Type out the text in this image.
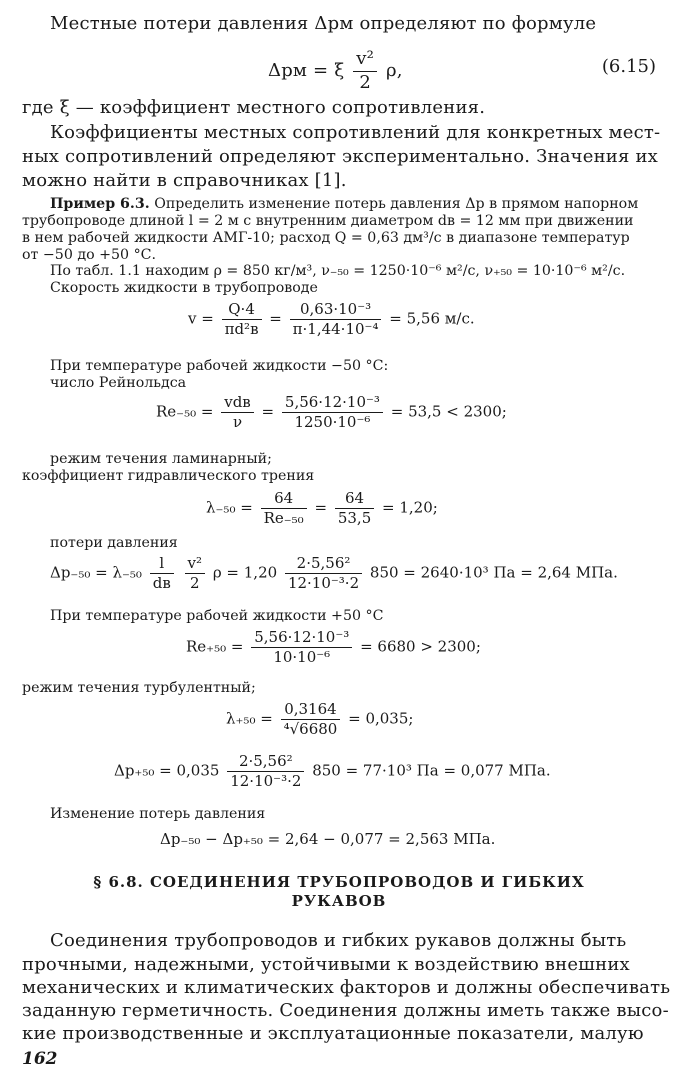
Местные потери давления Δpм определяют по формуле
Δpм = ξ $\frac{\text{v²}}{2} \rho$,	(6.15)
где ξ — коэффициент местного сопротивления.
Коэффициенты местных сопротивлений для конкретных мест-
ных сопротивлений определяют экспериментально. Значения их
можно найти в справочниках [1].
Пример 6.3. Определить изменение потерь давления Δp в прямом напорном
трубопроводе длиной l = 2 м с внутренним диаметром dв = 12 мм при движении
в нем рабочей жидкости АМГ-10; расход Q = 0,63 дм³/с в диапазоне температур
от −50 до +50 °С.
По табл. 1.1 находим ρ = 850 кг/м³, ν₋₅₀ = 1250·10⁻⁶ м²/с, ν₊₅₀ = 10·10⁻⁶ м²/с.
Скорость жидкости в трубопроводе
$v = \frac{Q\cdot 4}{\text{πd²в}} = \frac{\text{0,63·10⁻³}}{\text{π·1,44·10⁻⁴}} = 5,56$ м/с.
При температуре рабочей жидкости −50 °С:
число Рейнольдса
$Re_{-50} = \frac{\text{vdв}}{\nu} = \frac{\text{5,56·12·10⁻³}}{\text{1250·10⁻⁶}} = 53,5 < 2300$;
режим течения ламинарный;
коэффициент гидравлического трения
$\lambda_{-50} = \frac{64}{\text{Re₋₅₀}} = \frac{64}{53,5} = 1,20$;
потери давления
$\Delta p_{-50} = \lambda_{-50} \frac{l}{dв}$
$\frac{\text{v²}}{2}$ $\rho = 1,20 \frac{\text{2·5,56²}}{\text{12·10⁻³·2}} 850 = 2640\cdot 10^3$ Па = 2,64 МПа.
При температуре рабочей жидкости +50 °С
$Re_{+50} = \frac{\text{5,56·12·10⁻³}}{\text{10·10⁻⁶}} = 6680 > 2300$;
режим течения турбулентный;
$\lambda_{+50} = \frac{0,3164}{\text{⁴√6680}} = 0,035$;
$\Delta p_{+50} = 0,035 \frac{\text{2·5,56²}}{\text{12·10⁻³·2}} 850 = 77\cdot 10^3$ Па = 0,077 МПа.
Изменение потерь давления
Δp₋₅₀ − Δp₊₅₀ = 2,64 − 0,077 = 2,563 МПа.
§ 6.8. СОЕДИНЕНИЯ ТРУБОПРОВОДОВ И ГИБКИХ
РУКАВОВ
Соединения трубопроводов и гибких рукавов должны быть
прочными, надежными, устойчивыми к воздействию внешних
механических и климатических факторов и должны обеспечивать
заданную герметичность. Соединения должны иметь также высо-
кие производственные и эксплуатационные показатели, малую
162
